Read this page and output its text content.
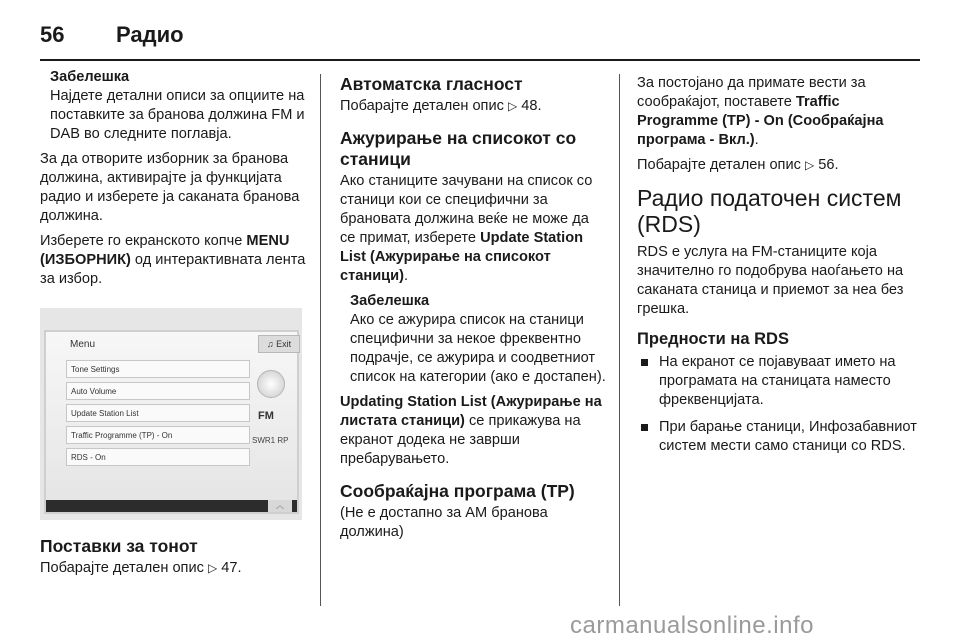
56 Радио
Забелешка
Најдете детални описи за опциите на поставките за бранова должина FM и DAB во следните поглавја.

За да отворите изборник за бранова должина, активирајте ја функцијата радио и изберете ја саканата бранова должина.

Изберете го екранското копче MENU (ИЗБОРНИК) од интерактивната лента за избор.

Menu	♫ Exit
Tone Settings
Auto Volume
Update Station List
Traffic Programme (TP) - On
RDS - On
FM
SWR1 RP
︿
Поставки за тонот

Побарајте детален опис ▷ 47.

Автоматска гласност

Побарајте детален опис ▷ 48.

Ажурирање на списокот со станици

Ако станиците зачувани на список со станици кои се специфични за брановата должина веќе не може да се примат, изберете Update Station List (Ажурирање на списокот станици).

Забелешка
Ако се ажурира список на станици специфични за некое фреквентно подрачје, се ажурира и соодветниот список на категории (ако е достапен).

Updating Station List (Ажурирање на листата станици) се прикажува на екранот додека не заврши пребарувањето.

Сообраќајна програма (TP)

(Не е достапно за AM бранова должина)

За постојано да примате вести за сообраќајот, поставете Traffic Programme (TP) - On (Сообраќајна програма - Вкл.).

Побарајте детален опис ▷ 56.

Радио податочен систем (RDS)

RDS е услуга на FM-станиците која значително го подобрува наоѓањето на саканата станица и приемот за неа без грешка.

Предности на RDS
На екранот се појавуваат името на програмата на станицата наместо фреквенцијата.
При барање станици, Инфозабавниот систем мести само станици со RDS.
carmanualsonline.info
